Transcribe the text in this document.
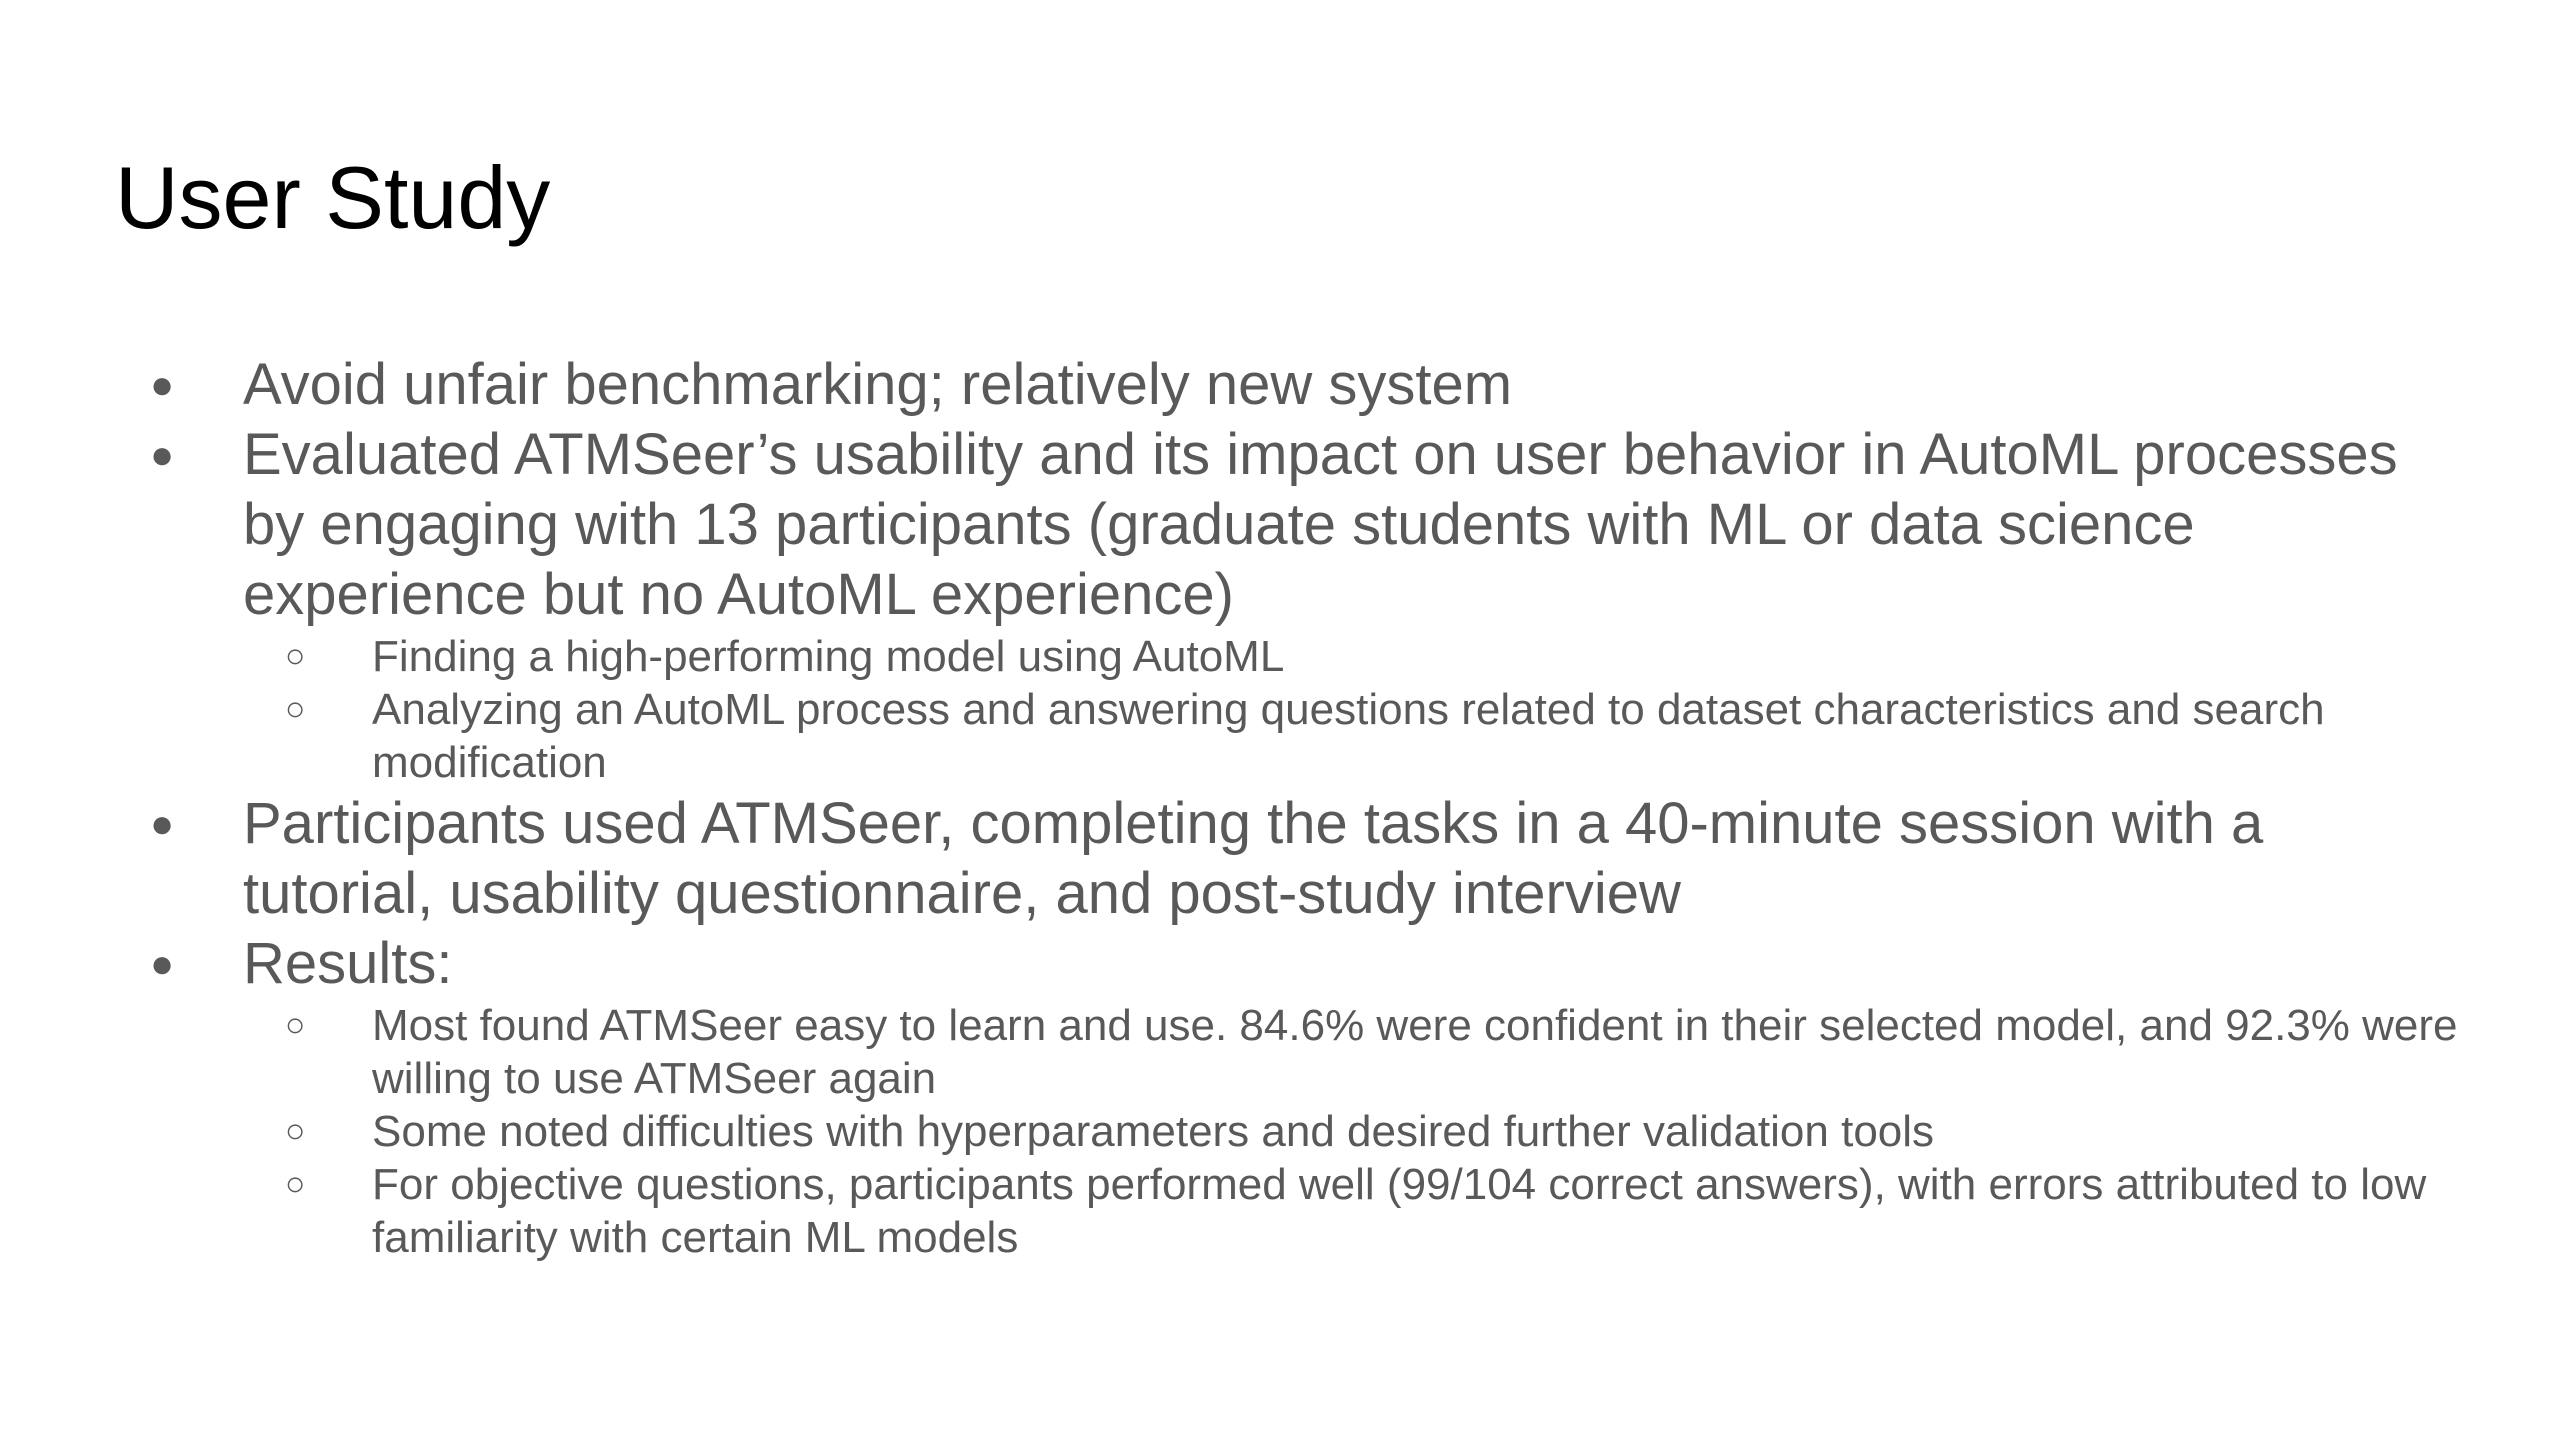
User Study
● Avoid unfair benchmarking; relatively new system
● Evaluated ATMSeer’s usability and its impact on user behavior in AutoML processes by engaging with 13 participants (graduate students with ML or data science experience but no AutoML experience)
○ Finding a high-performing model using AutoML
○ Analyzing an AutoML process and answering questions related to dataset characteristics and search modification
● Participants used ATMSeer, completing the tasks in a 40-minute session with a tutorial, usability questionnaire, and post-study interview
● Results:
○ Most found ATMSeer easy to learn and use. 84.6% were confident in their selected model, and 92.3% were willing to use ATMSeer again
○ Some noted difficulties with hyperparameters and desired further validation tools
○ For objective questions, participants performed well (99/104 correct answers), with errors attributed to low familiarity with certain ML models
